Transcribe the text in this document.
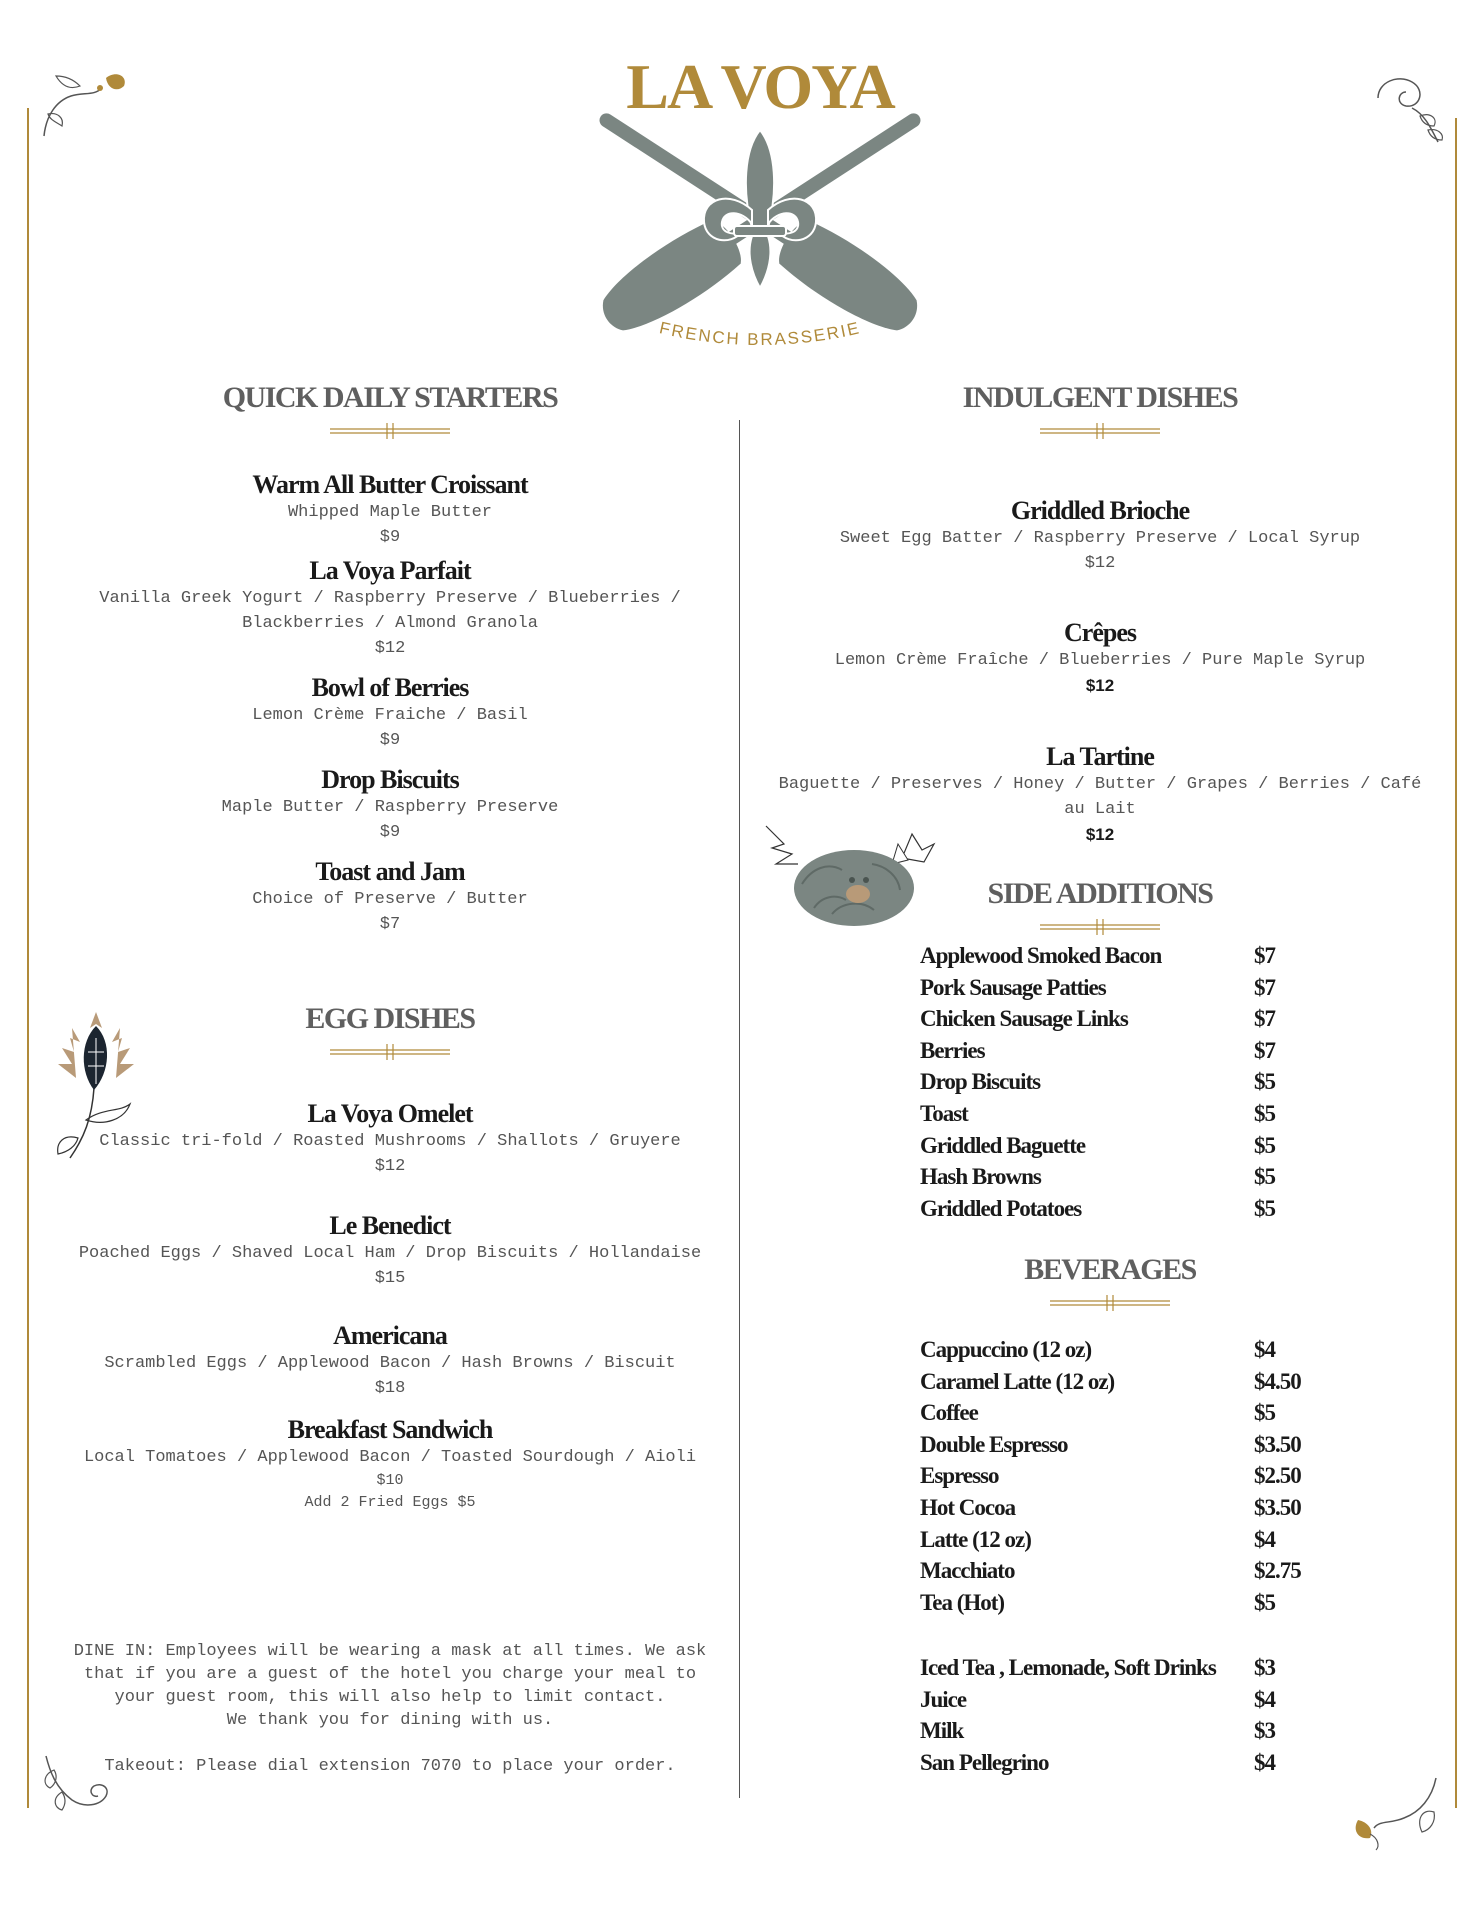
LA VOYA
FRENCH BRASSERIE
QUICK DAILY STARTERS

Warm All Butter Croissant

Whipped Maple Butter

$9

La Voya Parfait

Vanilla Greek Yogurt / Raspberry Preserve / Blueberries / Blackberries / Almond Granola

$12

Bowl of Berries

Lemon Crème Fraiche / Basil

$9

Drop Biscuits

Maple Butter / Raspberry Preserve

$9

Toast and Jam

Choice of Preserve / Butter

$7

EGG DISHES

La Voya Omelet

Classic tri-fold / Roasted Mushrooms / Shallots / Gruyere

$12

Le Benedict

Poached Eggs / Shaved Local Ham / Drop Biscuits / Hollandaise

$15

Americana

Scrambled Eggs / Applewood Bacon / Hash Browns / Biscuit

$18

Breakfast Sandwich

Local Tomatoes / Applewood Bacon / Toasted Sourdough / Aioli

$10

Add 2 Fried Eggs $5

INDULGENT DISHES

Griddled Brioche

Sweet Egg Batter / Raspberry Preserve / Local Syrup

$12

Crêpes

Lemon Crème Fraîche / Blueberries / Pure Maple Syrup

$12

La Tartine

Baguette / Preserves / Honey / Butter / Grapes / Berries / Café au Lait

$12

SIDE ADDITIONS
Applewood Smoked Bacon	$7
Pork Sausage Patties	$7
Chicken Sausage Links	$7
Berries	$7
Drop Biscuits	$5
Toast	$5
Griddled Baguette	$5
Hash Browns	$5
Griddled Potatoes	$5
BEVERAGES
Cappuccino (12 oz)	$4
Caramel Latte (12 oz)	$4.50
Coffee	$5
Double Espresso	$3.50
Espresso	$2.50
Hot Cocoa	$3.50
Latte (12 oz)	$4
Macchiato	$2.75
Tea (Hot)	$5
Iced Tea , Lemonade, Soft Drinks	$3
Juice	$4
Milk	$3
San Pellegrino	$4

DINE IN: Employees will be wearing a mask at all times. We ask that if you are a guest of the hotel you charge your meal to your guest room, this will also help to limit contact.

We thank you for dining with us.

Takeout: Please dial extension 7070 to place your order.
